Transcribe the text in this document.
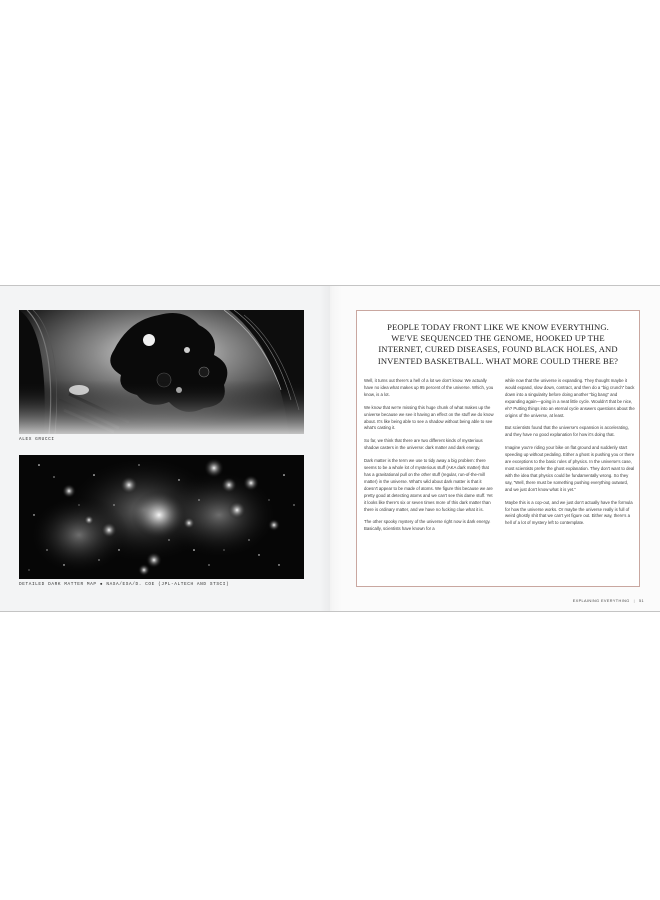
ALEX GRUCCI
DETAILED DARK MATTER MAP ● NASA/ESA/D. COE (JPL-ALTECH AND STSCI)
PEOPLE TODAY FRONT LIKE WE KNOW EVERYTHING.
WE'VE SEQUENCED THE GENOME, HOOKED UP THE
INTERNET, CURED DISEASES, FOUND BLACK HOLES, AND
INVENTED BASKETBALL. WHAT MORE COULD THERE BE?

Well, it turns out there's a hell of a lot we don't know. We actually have no idea what makes up 95 percent of the universe. Which, you know, is a lot.

We know that we're missing this huge chunk of what makes up the universe because we see it having an effect on the stuff we do know about. It's like being able to see a shadow without being able to see what's casting it.

So far, we think that there are two different kinds of mysterious shadow casters in the universe: dark matter and dark energy.

Dark matter is the term we use to tidy away a big problem: there seems to be a whole lot of mysterious stuff (AKA dark matter) that has a gravitational pull on the other stuff (regular, run-of-the-mill matter) in the universe. What's wild about dark matter is that it doesn't appear to be made of atoms. We figure this because we are pretty good at detecting atoms and we can't see this dame stuff. Yet it looks like there's six or seven times more of this dark matter than there is ordinary matter, and we have no fucking clue what it is.

The other spooky mystery of the universe right now is dark energy. Basically, scientists have known for a

while now that the universe is expanding. They thought maybe it would expand, slow down, contract, and then do a “big crunch” back down into a singularity before doing another “big bang” and expanding again—going in a neat little cycle. Wouldn't that be nice, eh? Putting things into an eternal cycle answers questions about the origins of the universe, at least.

But scientists found that the universe's expansion is accelerating, and they have no good explanation for how it's doing that.

Imagine you're riding your bike on flat ground and suddenly start speeding up without pedaling. Either a ghost is pushing you or there are exceptions to the basic rules of physics. In the universe's case, most scientists prefer the ghost explanation. They don't want to deal with the idea that physics could be fundamentally wrong. So they say, “Well, there must be something pushing everything outward, and we just don't know what it is yet.”

Maybe this is a cop-out, and we just don't actually have the formula for how the universe works. Or maybe the universe really is full of weird ghostly shit that we can't yet figure out. Either way, there's a hell of a lot of mystery left to contemplate.

EXPLAINING EVERYTHING | 51
